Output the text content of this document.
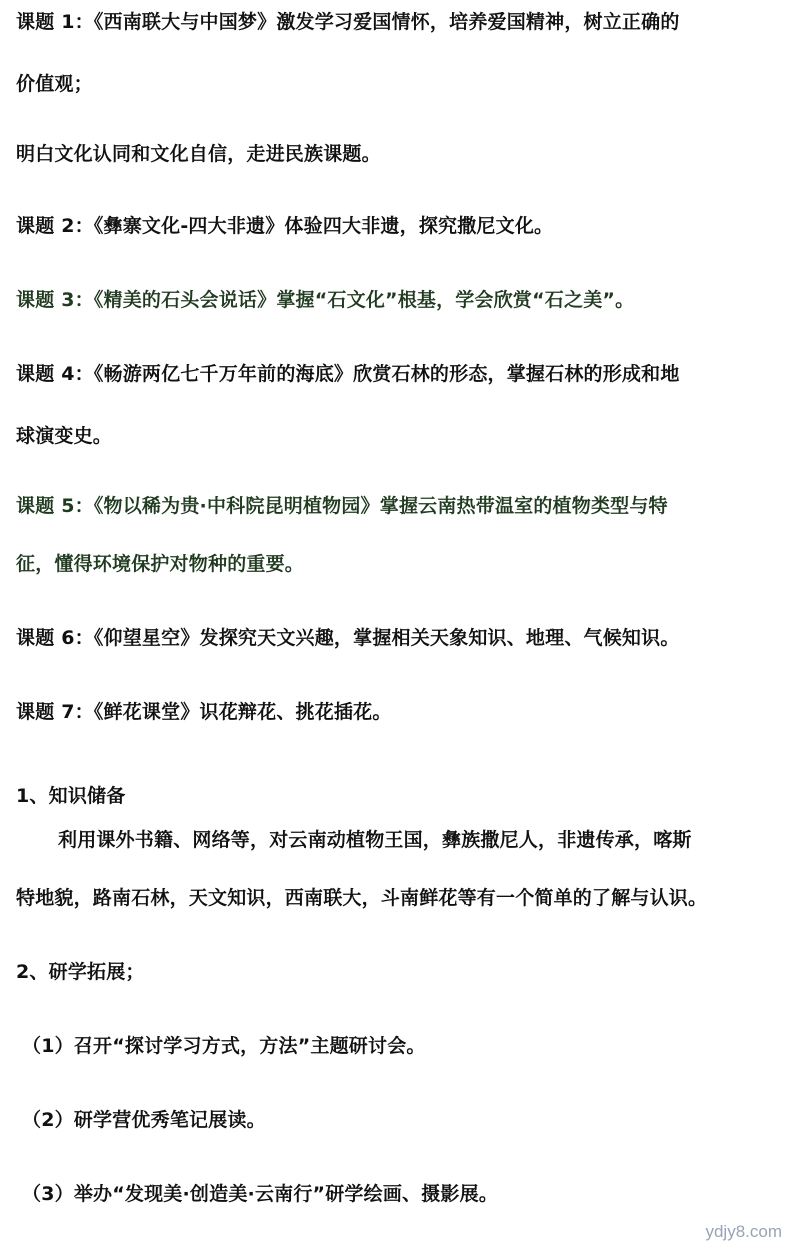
课题 1：《西南联大与中国梦》激发学习爱国情怀，培养爱国精神，树立正确的
价值观；
明白文化认同和文化自信，走进民族课题。
课题 2：《彝寨文化-四大非遗》体验四大非遗，探究撒尼文化。
课题 3：《精美的石头会说话》掌握“石文化”根基，学会欣赏“石之美”。
课题 4：《畅游两亿七千万年前的海底》欣赏石林的形态，掌握石林的形成和地
球演变史。
课题 5：《物以稀为贵·中科院昆明植物园》掌握云南热带温室的植物类型与特
征，懂得环境保护对物种的重要。
课题 6：《仰望星空》发探究天文兴趣，掌握相关天象知识、地理、气候知识。
课题 7：《鲜花课堂》识花辩花、挑花插花。
1、知识储备
利用课外书籍、网络等，对云南动植物王国，彝族撒尼人，非遗传承，喀斯
特地貌，路南石林，天文知识，西南联大，斗南鲜花等有一个简单的了解与认识。
2、研学拓展；
（1）召开“探讨学习方式，方法”主题研讨会。
（2）研学营优秀笔记展读。
（3）举办“发现美·创造美·云南行”研学绘画、摄影展。
ydjy8.com
